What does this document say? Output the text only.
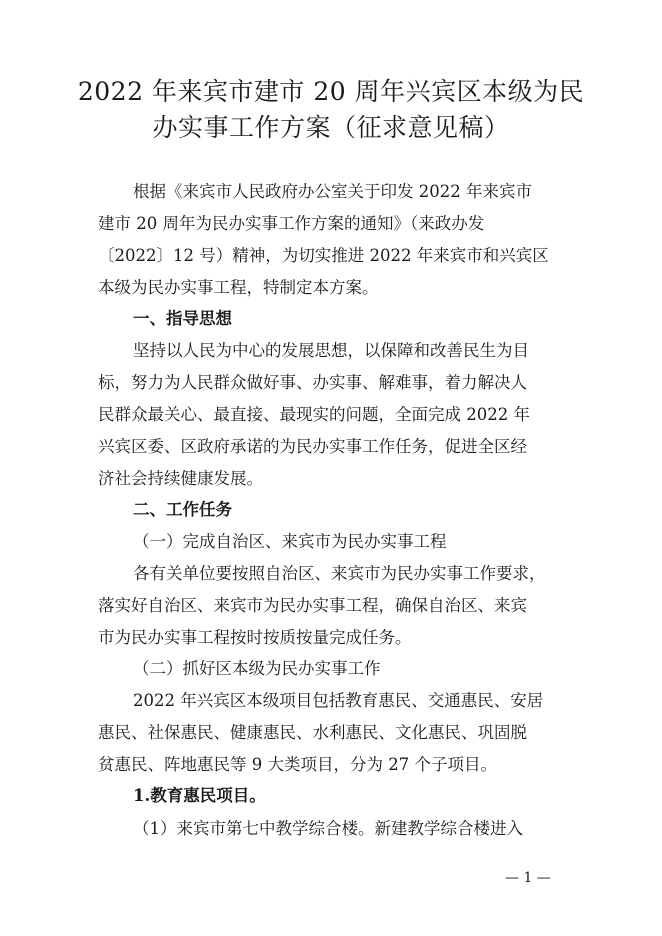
2022 年来宾市建市 20 周年兴宾区本级为民
办实事工作方案（征求意见稿）
根据《来宾市人民政府办公室关于印发 2022 年来宾市
建市 20 周年为民办实事工作方案的通知》（来政办发
〔2022〕12 号）精神，为切实推进 2022 年来宾市和兴宾区
本级为民办实事工程，特制定本方案。
一、指导思想
坚持以人民为中心的发展思想，以保障和改善民生为目
标，努力为人民群众做好事、办实事、解难事，着力解决人
民群众最关心、最直接、最现实的问题，全面完成 2022 年
兴宾区委、区政府承诺的为民办实事工作任务，促进全区经
济社会持续健康发展。
二、工作任务
（一）完成自治区、来宾市为民办实事工程
各有关单位要按照自治区、来宾市为民办实事工作要求，
落实好自治区、来宾市为民办实事工程，确保自治区、来宾
市为民办实事工程按时按质按量完成任务。
（二）抓好区本级为民办实事工作
2022 年兴宾区本级项目包括教育惠民、交通惠民、安居
惠民、社保惠民、健康惠民、水利惠民、文化惠民、巩固脱
贫惠民、阵地惠民等 9 大类项目，分为 27 个子项目。
1.教育惠民项目。
（1）来宾市第七中教学综合楼。新建教学综合楼进入
— 1 —
